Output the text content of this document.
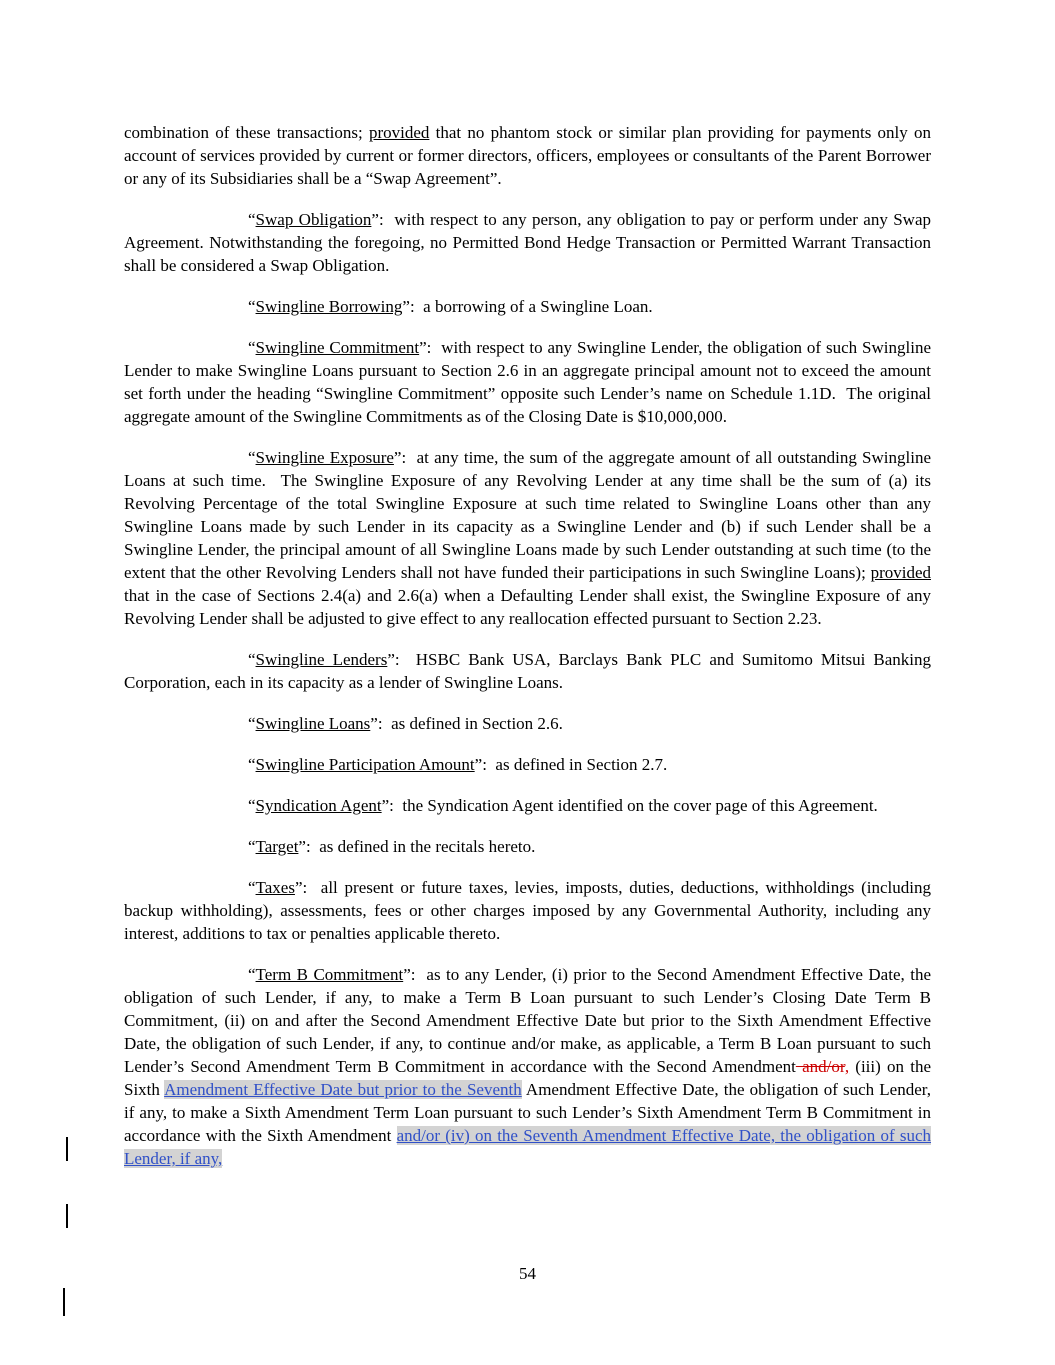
combination of these transactions; provided that no phantom stock or similar plan providing for payments only on account of services provided by current or former directors, officers, employees or consultants of the Parent Borrower or any of its Subsidiaries shall be a “Swap Agreement”.

“Swap Obligation”:  with respect to any person, any obligation to pay or perform under any Swap Agreement. Notwithstanding the foregoing, no Permitted Bond Hedge Transaction or Permitted Warrant Transaction shall be considered a Swap Obligation.

“Swingline Borrowing”:  a borrowing of a Swingline Loan.

“Swingline Commitment”:  with respect to any Swingline Lender, the obligation of such Swingline Lender to make Swingline Loans pursuant to Section 2.6 in an aggregate principal amount not to exceed the amount set forth under the heading “Swingline Commitment” opposite such Lender’s name on Schedule 1.1D.  The original aggregate amount of the Swingline Commitments as of the Closing Date is $10,000,000.

“Swingline Exposure”:  at any time, the sum of the aggregate amount of all outstanding Swingline Loans at such time.  The Swingline Exposure of any Revolving Lender at any time shall be the sum of (a) its Revolving Percentage of the total Swingline Exposure at such time related to Swingline Loans other than any Swingline Loans made by such Lender in its capacity as a Swingline Lender and (b) if such Lender shall be a Swingline Lender, the principal amount of all Swingline Loans made by such Lender outstanding at such time (to the extent that the other Revolving Lenders shall not have funded their participations in such Swingline Loans); provided that in the case of Sections 2.4(a) and 2.6(a) when a Defaulting Lender shall exist, the Swingline Exposure of any Revolving Lender shall be adjusted to give effect to any reallocation effected pursuant to Section 2.23.

“Swingline Lenders”:  HSBC Bank USA, Barclays Bank PLC and Sumitomo Mitsui Banking Corporation, each in its capacity as a lender of Swingline Loans.

“Swingline Loans”:  as defined in Section 2.6.

“Swingline Participation Amount”:  as defined in Section 2.7.

“Syndication Agent”:  the Syndication Agent identified on the cover page of this Agreement.

“Target”:  as defined in the recitals hereto.

“Taxes”:  all present or future taxes, levies, imposts, duties, deductions, withholdings (including backup withholding), assessments, fees or other charges imposed by any Governmental Authority, including any interest, additions to tax or penalties applicable thereto.

“Term B Commitment”:  as to any Lender, (i) prior to the Second Amendment Effective Date, the obligation of such Lender, if any, to make a Term B Loan pursuant to such Lender’s Closing Date Term B Commitment, (ii) on and after the Second Amendment Effective Date but prior to the Sixth Amendment Effective Date, the obligation of such Lender, if any, to continue and/or make, as applicable, a Term B Loan pursuant to such Lender’s Second Amendment Term B Commitment in accordance with the Second Amendment and/or, (iii) on the Sixth Amendment Effective Date but prior to the Seventh Amendment Effective Date, the obligation of such Lender, if any, to make a Sixth Amendment Term Loan pursuant to such Lender’s Sixth Amendment Term B Commitment in accordance with the Sixth Amendment and/or (iv) on the Seventh Amendment Effective Date, the obligation of such Lender, if any,

54
